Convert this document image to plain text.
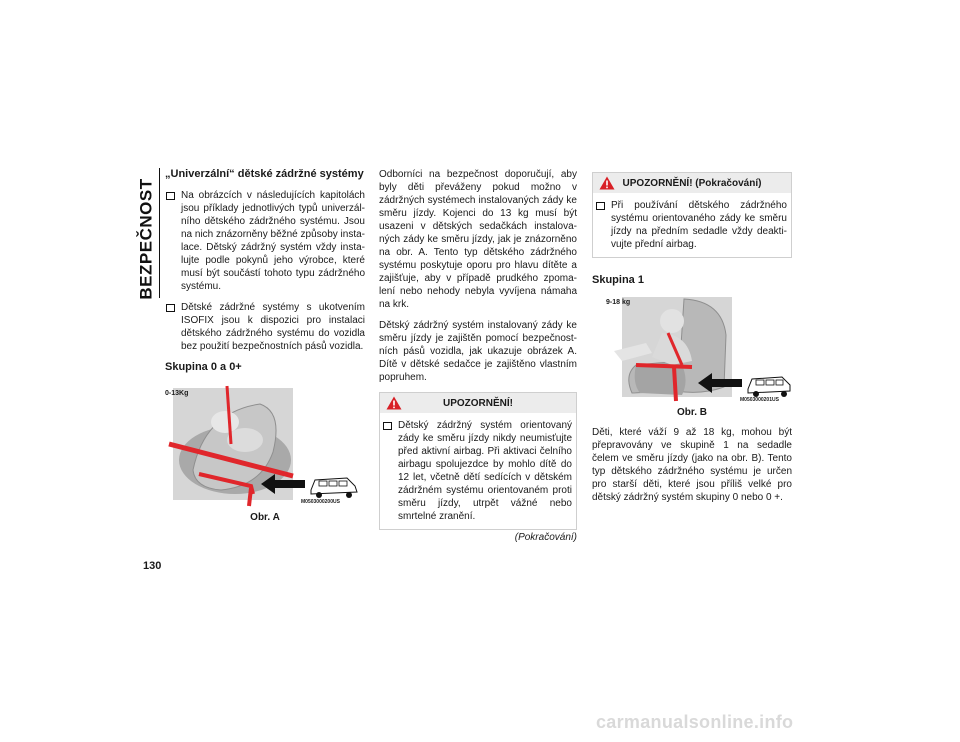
BEZPEČNOST
130
„Univerzální“ dětské zádržné systémy

Na obrázcích v následujících kapitolách jsou příklady jednotlivých typů univerzál-ního dětského zádržného systému. Jsou na nich znázorněny běžné způsoby insta-lace. Dětský zádržný systém vždy insta-lujte podle pokynů jeho výrobce, které musí být součástí tohoto typu zádržného systému.

Dětské zádržné systémy s ukotvením ISOFIX jsou k dispozici pro instalaci dětského zádržného systému do vozidla bez použití bezpečnostních pásů vozidla.

Skupina 0 a 0+
0-13Kg
M0503000200US
Obr. A

Odborníci na bezpečnost doporučují, aby byly děti převáženy pokud možno v zádržných systémech instalovaných zády ke směru jízdy. Kojenci do 13 kg musí být usazeni v dětských sedačkách instalova-ných zády ke směru jízdy, jak je znázorněno na obr. A. Tento typ dětského zádržného systému poskytuje oporu pro hlavu dítěte a zajišťuje, aby v případě prudkého zpoma-lení nebo nehody nebyla vyvíjena námaha na krk.

Dětský zádržný systém instalovaný zády ke směru jízdy je zajištěn pomocí bezpečnost-ních pásů vozidla, jak ukazuje obrázek A. Dítě v dětské sedačce je zajištěno vlastním popruhem.

UPOZORNĚNÍ!

Dětský zádržný systém orientovaný zády ke směru jízdy nikdy neumisťujte před aktivní airbag. Při aktivaci čelního airbagu spolujezdce by mohlo dítě do 12 let, včetně dětí sedících v dětském zádržném systému orientovaném proti směru jízdy, utrpět vážné nebo smrtelné zranění.

(Pokračování)
UPOZORNĚNÍ! (Pokračování)

Při používání dětského zádržného systému orientovaného zády ke směru jízdy na předním sedadle vždy deakti-vujte přední airbag.

Skupina 1
9-18 kg
M0503000201US
Obr. B

Děti, které váží 9 až 18 kg, mohou být přepravovány ve skupině 1 na sedadle čelem ve směru jízdy (jako na obr. B). Tento typ dětského zádržného systému je určen pro starší děti, které jsou příliš velké pro dětský zádržný systém skupiny 0 nebo 0 +.

carmanualsonline.info
